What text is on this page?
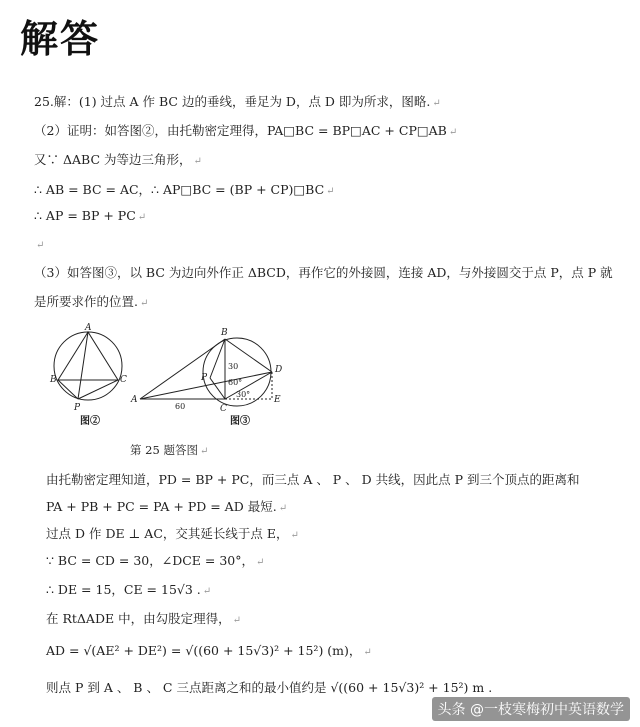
解答
25.解：(1) 过点 A 作 BC 边的垂线，垂足为 D，点 D 即为所求，图略. ↵
（2）证明：如答图②，由托勒密定理得，PA□BC = BP□AC + CP□AB ↵
又∵ ΔABC 为等边三角形， ↵
∴ AB = BC = AC，∴ AP□BC = (BP + CP)□BC ↵
∴ AP = BP + PC ↵
↵
（3）如答图③，以 BC 为边向外作正 ΔBCD，再作它的外接圆，连接 AD，与外接圆交于点 P，点 P 就
是所要求作的位置. ↵
A
B	C
P
图②
B
D
P
A
C
E
30
60°
30°
60
图③
第 25 题答图 ↵
由托勒密定理知道，PD = BP + PC，而三点 A 、 P 、 D 共线，因此点 P 到三个顶点的距离和
PA + PB + PC = PA + PD = AD 最短. ↵
过点 D 作 DE ⊥ AC，交其延长线于点 E， ↵
∵ BC = CD = 30，∠DCE = 30°， ↵
∴ DE = 15，CE = 15√3 . ↵
在 RtΔADE 中，由勾股定理得， ↵
AD = √(AE² + DE²) = √((60 + 15√3)² + 15²) (m)， ↵
则点 P 到 A 、 B 、 C 三点距离之和的最小值约是 √((60 + 15√3)² + 15²) m .
头条 @一枝寒梅初中英语数学
